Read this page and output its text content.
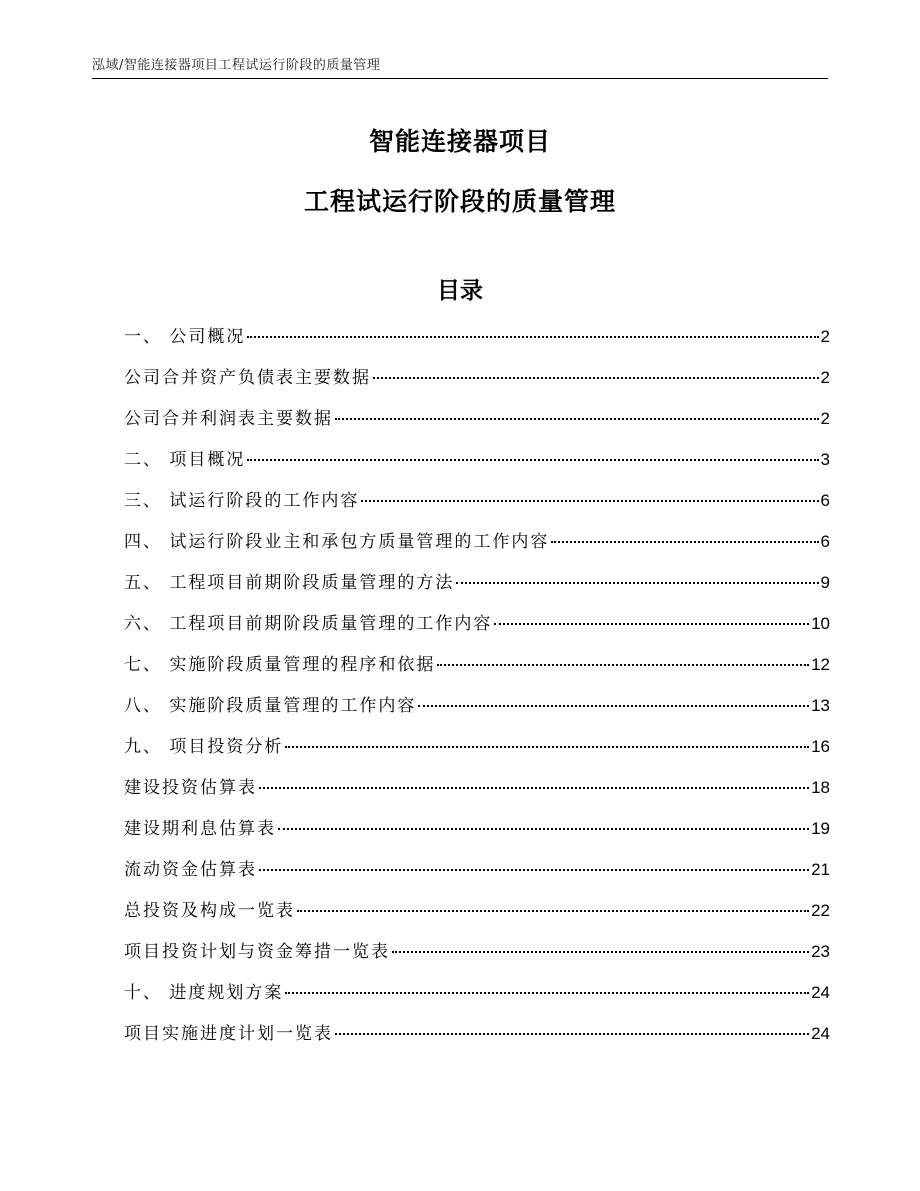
泓域/智能连接器项目工程试运行阶段的质量管理
智能连接器项目
工程试运行阶段的质量管理
目录
一、 公司概况	2
公司合并资产负债表主要数据	2
公司合并利润表主要数据	2
二、 项目概况	3
三、 试运行阶段的工作内容	6
四、 试运行阶段业主和承包方质量管理的工作内容	6
五、 工程项目前期阶段质量管理的方法	9
六、 工程项目前期阶段质量管理的工作内容	10
七、 实施阶段质量管理的程序和依据	12
八、 实施阶段质量管理的工作内容	13
九、 项目投资分析	16
建设投资估算表	18
建设期利息估算表	19
流动资金估算表	21
总投资及构成一览表	22
项目投资计划与资金筹措一览表	23
十、 进度规划方案	24
项目实施进度计划一览表	24
